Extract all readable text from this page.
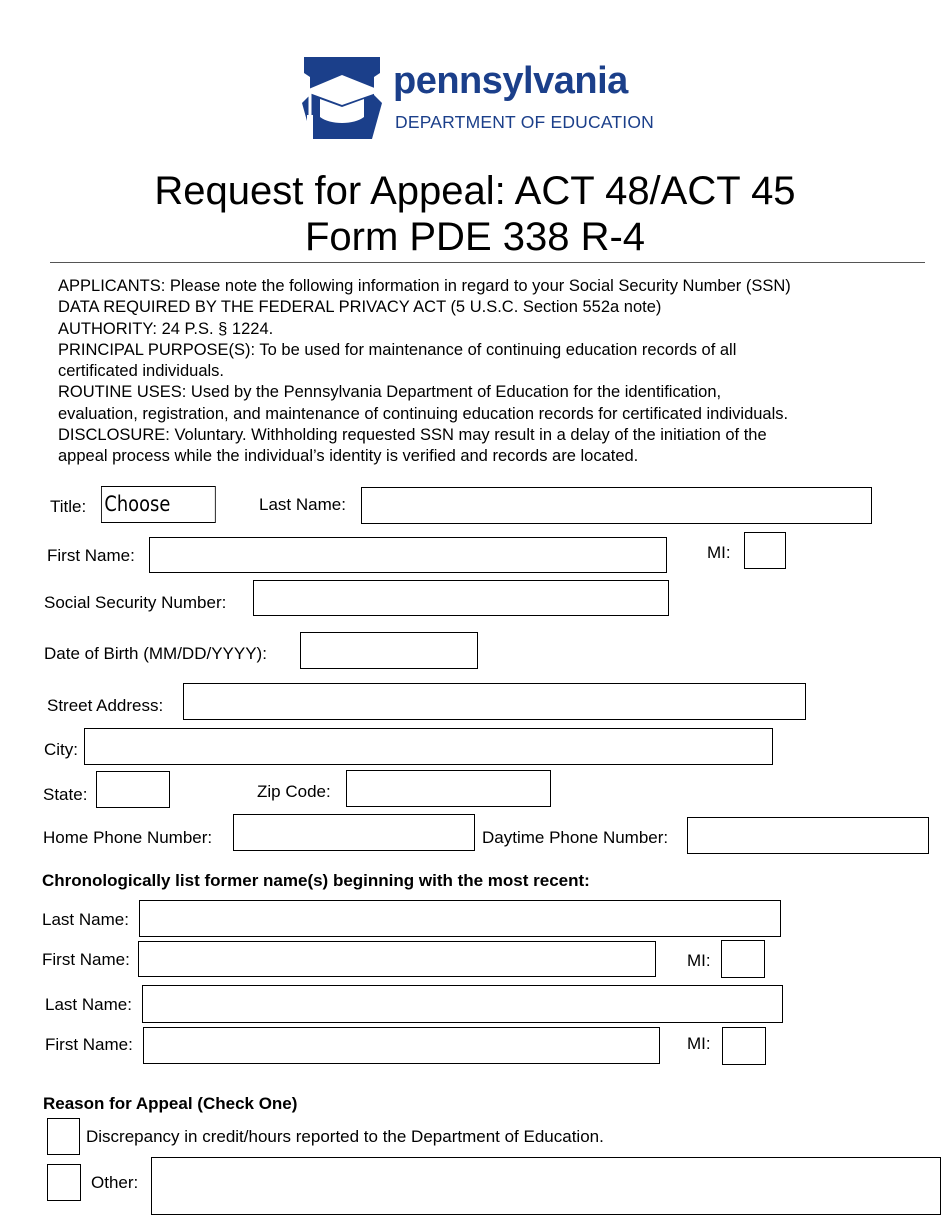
pennsylvania
DEPARTMENT OF EDUCATION
Request for Appeal: ACT 48/ACT 45
Form PDE 338 R-4
APPLICANTS: Please note the following information in regard to your Social Security Number (SSN)
DATA REQUIRED BY THE FEDERAL PRIVACY ACT (5 U.S.C. Section 552a note)
AUTHORITY: 24 P.S. § 1224.
PRINCIPAL PURPOSE(S): To be used for maintenance of continuing education records of all
certificated individuals.
ROUTINE USES: Used by the Pennsylvania Department of Education for the identification,
evaluation, registration, and maintenance of continuing education records for certificated individuals.
DISCLOSURE: Voluntary. Withholding requested SSN may result in a delay of the initiation of the
appeal process while the individual’s identity is verified and records are located.
Title: Choose	Last Name:
First Name:	MI:
Social Security Number:
Date of Birth (MM/DD/YYYY):
Street Address:
City:
State:	Zip Code:
Home Phone Number:	Daytime Phone Number:
Chronologically list former name(s) beginning with the most recent:
Last Name:
First Name:	MI:
Last Name:
First Name:	MI:
Reason for Appeal (Check One)
Discrepancy in credit/hours reported to the Department of Education.
Other:
